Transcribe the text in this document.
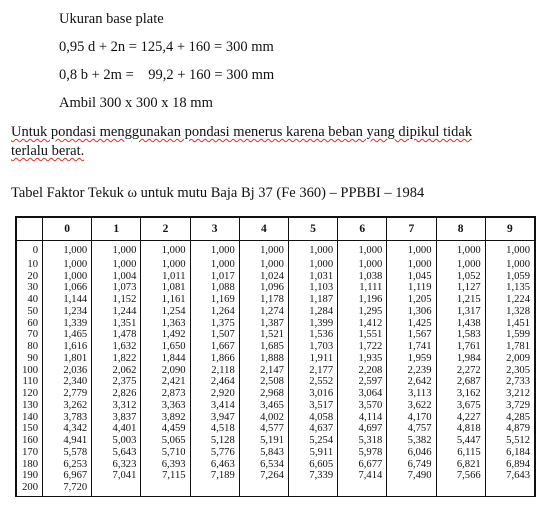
Ukuran base plate
0,95 d + 2n = 125,4 + 160 = 300 mm
0,8 b + 2m =    99,2 + 160 = 300 mm
Ambil 300 x 300 x 18 mm
Untuk pondasi menggunakan pondasi menerus karena beban yang dipikul tidak
terlalu berat.
Tabel Faktor Tekuk ω untuk mutu Baja Bj 37 (Fe 360) – PPBBI – 1984
	0	1	2	3	4	5	6	7	8	9
0	1,000	1,000	1,000	1,000	1,000	1,000	1,000	1,000	1,000	1,000
10	1,000	1,000	1,000	1,000	1,000	1,000	1,000	1,000	1,000	1,000
20	1,000	1,004	1,011	1,017	1,024	1,031	1,038	1,045	1,052	1,059
30	1,066	1,073	1,081	1,088	1,096	1,103	1,111	1,119	1,127	1,135
40	1,144	1,152	1,161	1,169	1,178	1,187	1,196	1,205	1,215	1,224
50	1,234	1,244	1,254	1,264	1,274	1,284	1,295	1,306	1,317	1,328
60	1,339	1,351	1,363	1,375	1,387	1,399	1,412	1,425	1,438	1,451
70	1,465	1,478	1,492	1,507	1,521	1,536	1,551	1,567	1,583	1,599
80	1,616	1,632	1,650	1,667	1,685	1,703	1,722	1,741	1,761	1,781
90	1,801	1,822	1,844	1,866	1,888	1,911	1,935	1,959	1,984	2,009
100	2,036	2,062	2,090	2,118	2,147	2,177	2,208	2,239	2,272	2,305
110	2,340	2,375	2,421	2,464	2,508	2,552	2,597	2,642	2,687	2,733
120	2,779	2,826	2,873	2,920	2,968	3,016	3,064	3,113	3,162	3,212
130	3,262	3,312	3,363	3,414	3,465	3,517	3,570	3,622	3,675	3,729
140	3,783	3,837	3,892	3,947	4,002	4,058	4,114	4,170	4,227	4,285
150	4,342	4,401	4,459	4,518	4,577	4,637	4,697	4,757	4,818	4,879
160	4,941	5,003	5,065	5,128	5,191	5,254	5,318	5,382	5,447	5,512
170	5,578	5,643	5,710	5,776	5,843	5,911	5,978	6,046	6,115	6,184
180	6,253	6,323	6,393	6,463	6,534	6,605	6,677	6,749	6,821	6,894
190	6,967	7,041	7,115	7,189	7,264	7,339	7,414	7,490	7,566	7,643
200	7,720									
